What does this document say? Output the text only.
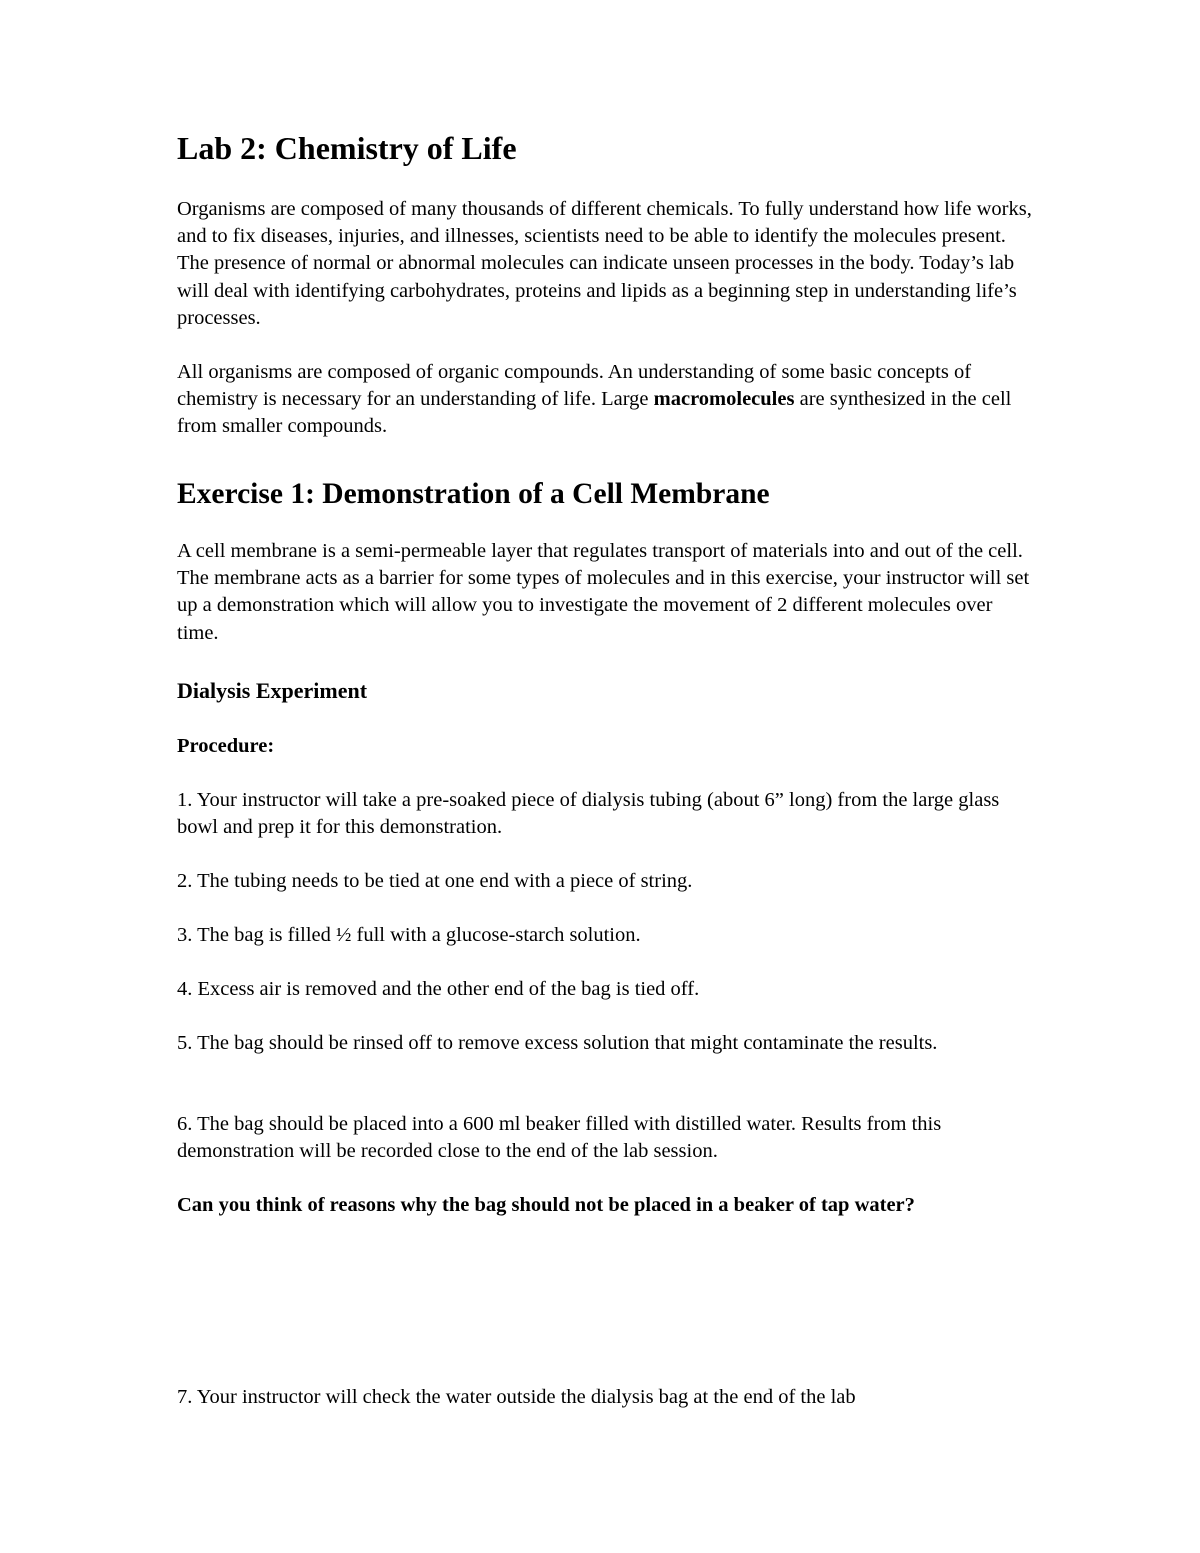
Lab 2: Chemistry of Life

Organisms are composed of many thousands of different chemicals. To fully understand how life works, and to fix diseases, injuries, and illnesses, scientists need to be able to identify the molecules present. The presence of normal or abnormal molecules can indicate unseen processes in the body. Today’s lab will deal with identifying carbohydrates, proteins and lipids as a beginning step in understanding life’s processes.

All organisms are composed of organic compounds. An understanding of some basic concepts of chemistry is necessary for an understanding of life. Large macromolecules are synthesized in the cell from smaller compounds.

Exercise 1: Demonstration of a Cell Membrane

A cell membrane is a semi-permeable layer that regulates transport of materials into and out of the cell. The membrane acts as a barrier for some types of molecules and in this exercise, your instructor will set up a demonstration which will allow you to investigate the movement of 2 different molecules over time.

Dialysis Experiment

Procedure:

1. Your instructor will take a pre-soaked piece of dialysis tubing (about 6” long) from the large glass bowl and prep it for this demonstration.

2. The tubing needs to be tied at one end with a piece of string.

3. The bag is filled ½ full with a glucose-starch solution.

4. Excess air is removed and the other end of the bag is tied off.

5. The bag should be rinsed off to remove excess solution that might contaminate the results.

6. The bag should be placed into a 600 ml beaker filled with distilled water. Results from this demonstration will be recorded close to the end of the lab session.

Can you think of reasons why the bag should not be placed in a beaker of tap water?

7. Your instructor will check the water outside the dialysis bag at the end of the lab
